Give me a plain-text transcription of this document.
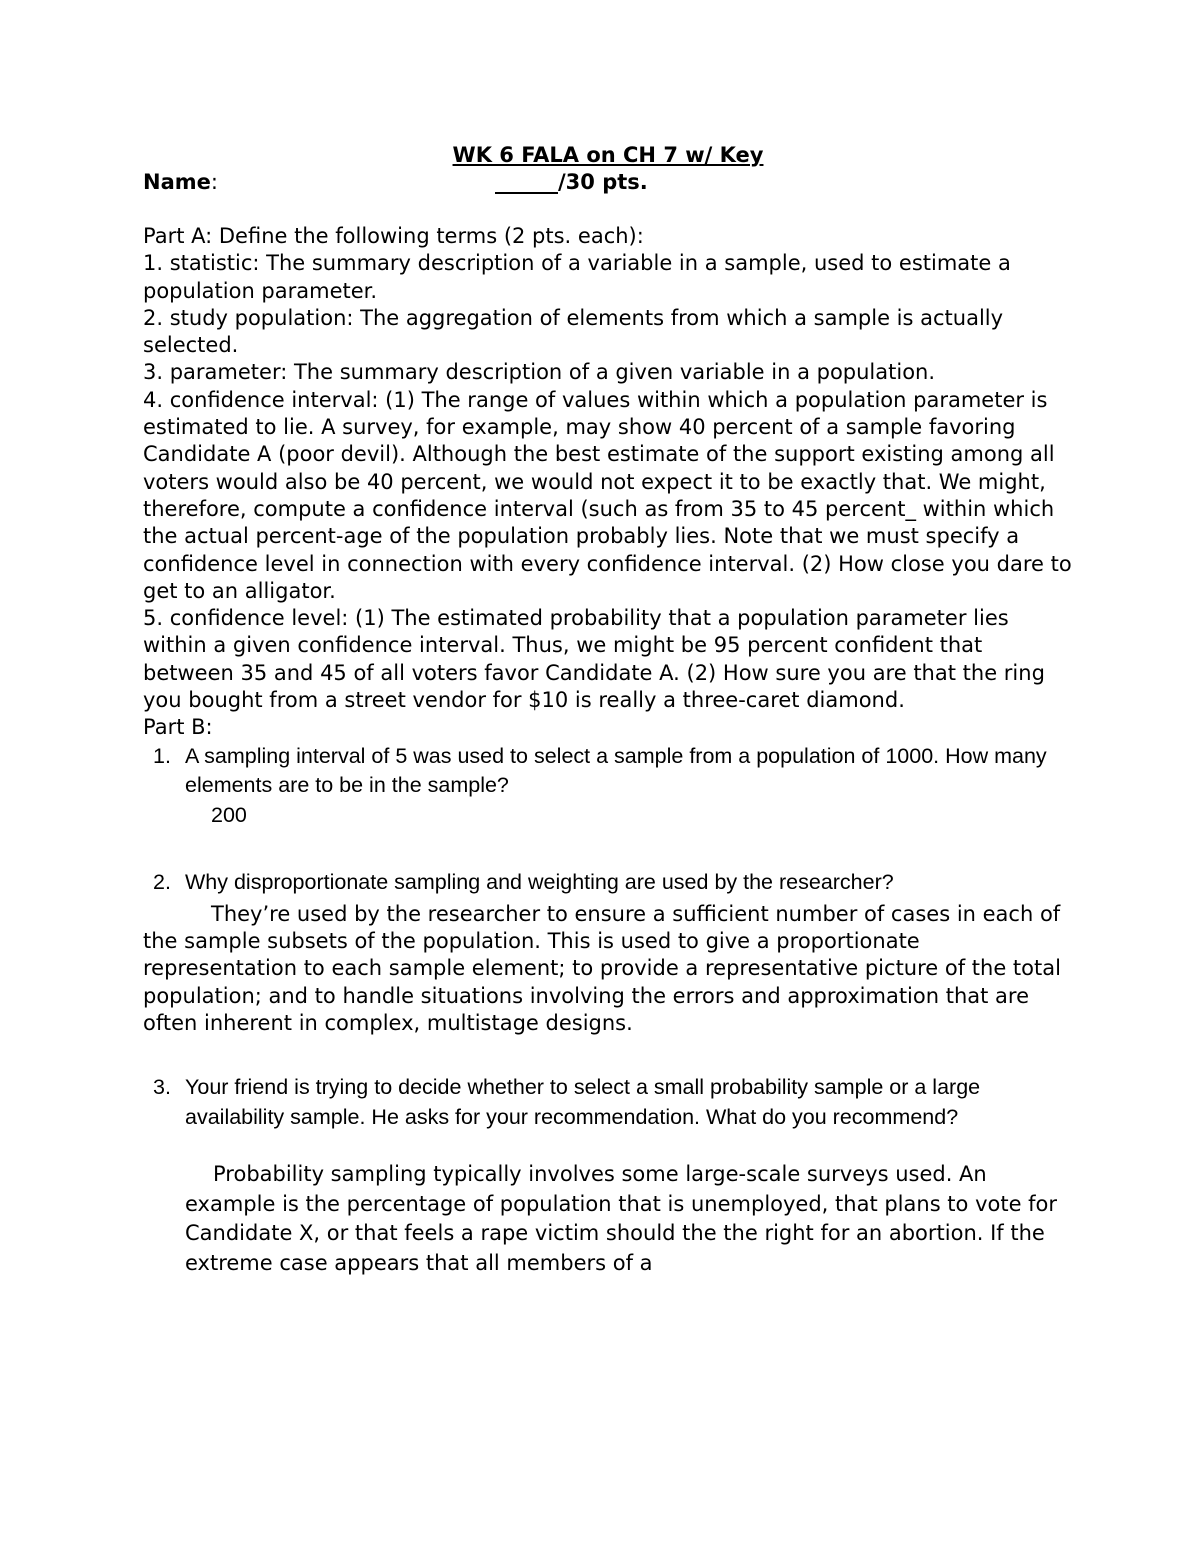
WK 6 FALA on CH 7 w/ Key

Name:	______/30 pts.

Part A: Define the following terms (2 pts. each):

1. statistic: The summary description of a variable in a sample, used to estimate a population parameter.

2. study population: The aggregation of elements from which a sample is actually selected.

3. parameter: The summary description of a given variable in a population.

4. confidence interval: (1) The range of values within which a population parameter is estimated to lie. A survey, for example, may show 40 percent of a sample favoring Candidate A (poor devil). Although the best estimate of the support existing among all voters would also be 40 percent, we would not expect it to be exactly that. We might, therefore, compute a confidence interval (such as from 35 to 45 percent_ within which the actual percent-age of the population probably lies. Note that we must specify a confidence level in connection with every confidence interval. (2) How close you dare to get to an alligator.

5. confidence level: (1) The estimated probability that a population parameter lies within a given confidence interval. Thus, we might be 95 percent confident that between 35 and 45 of all voters favor Candidate A. (2) How sure you are that the ring you bought from a street vendor for $10 is really a three-caret diamond.

Part B:

1. A sampling interval of 5 was used to select a sample from a population of 1000. How many elements are to be in the sample?

200

2. Why disproportionate sampling and weighting are used by the researcher?

They’re used by the researcher to ensure a sufficient number of cases in each of the sample subsets of the population. This is used to give a proportionate representation to each sample element; to provide a representative picture of the total population; and to handle situations involving the errors and approximation that are often inherent in complex, multistage designs.

3. Your friend is trying to decide whether to select a small probability sample or a large availability sample. He asks for your recommendation. What do you recommend?

Probability sampling typically involves some large-scale surveys used. An example is the percentage of population that is unemployed, that plans to vote for Candidate X, or that feels a rape victim should the the right for an abortion. If the extreme case appears that all members of a
